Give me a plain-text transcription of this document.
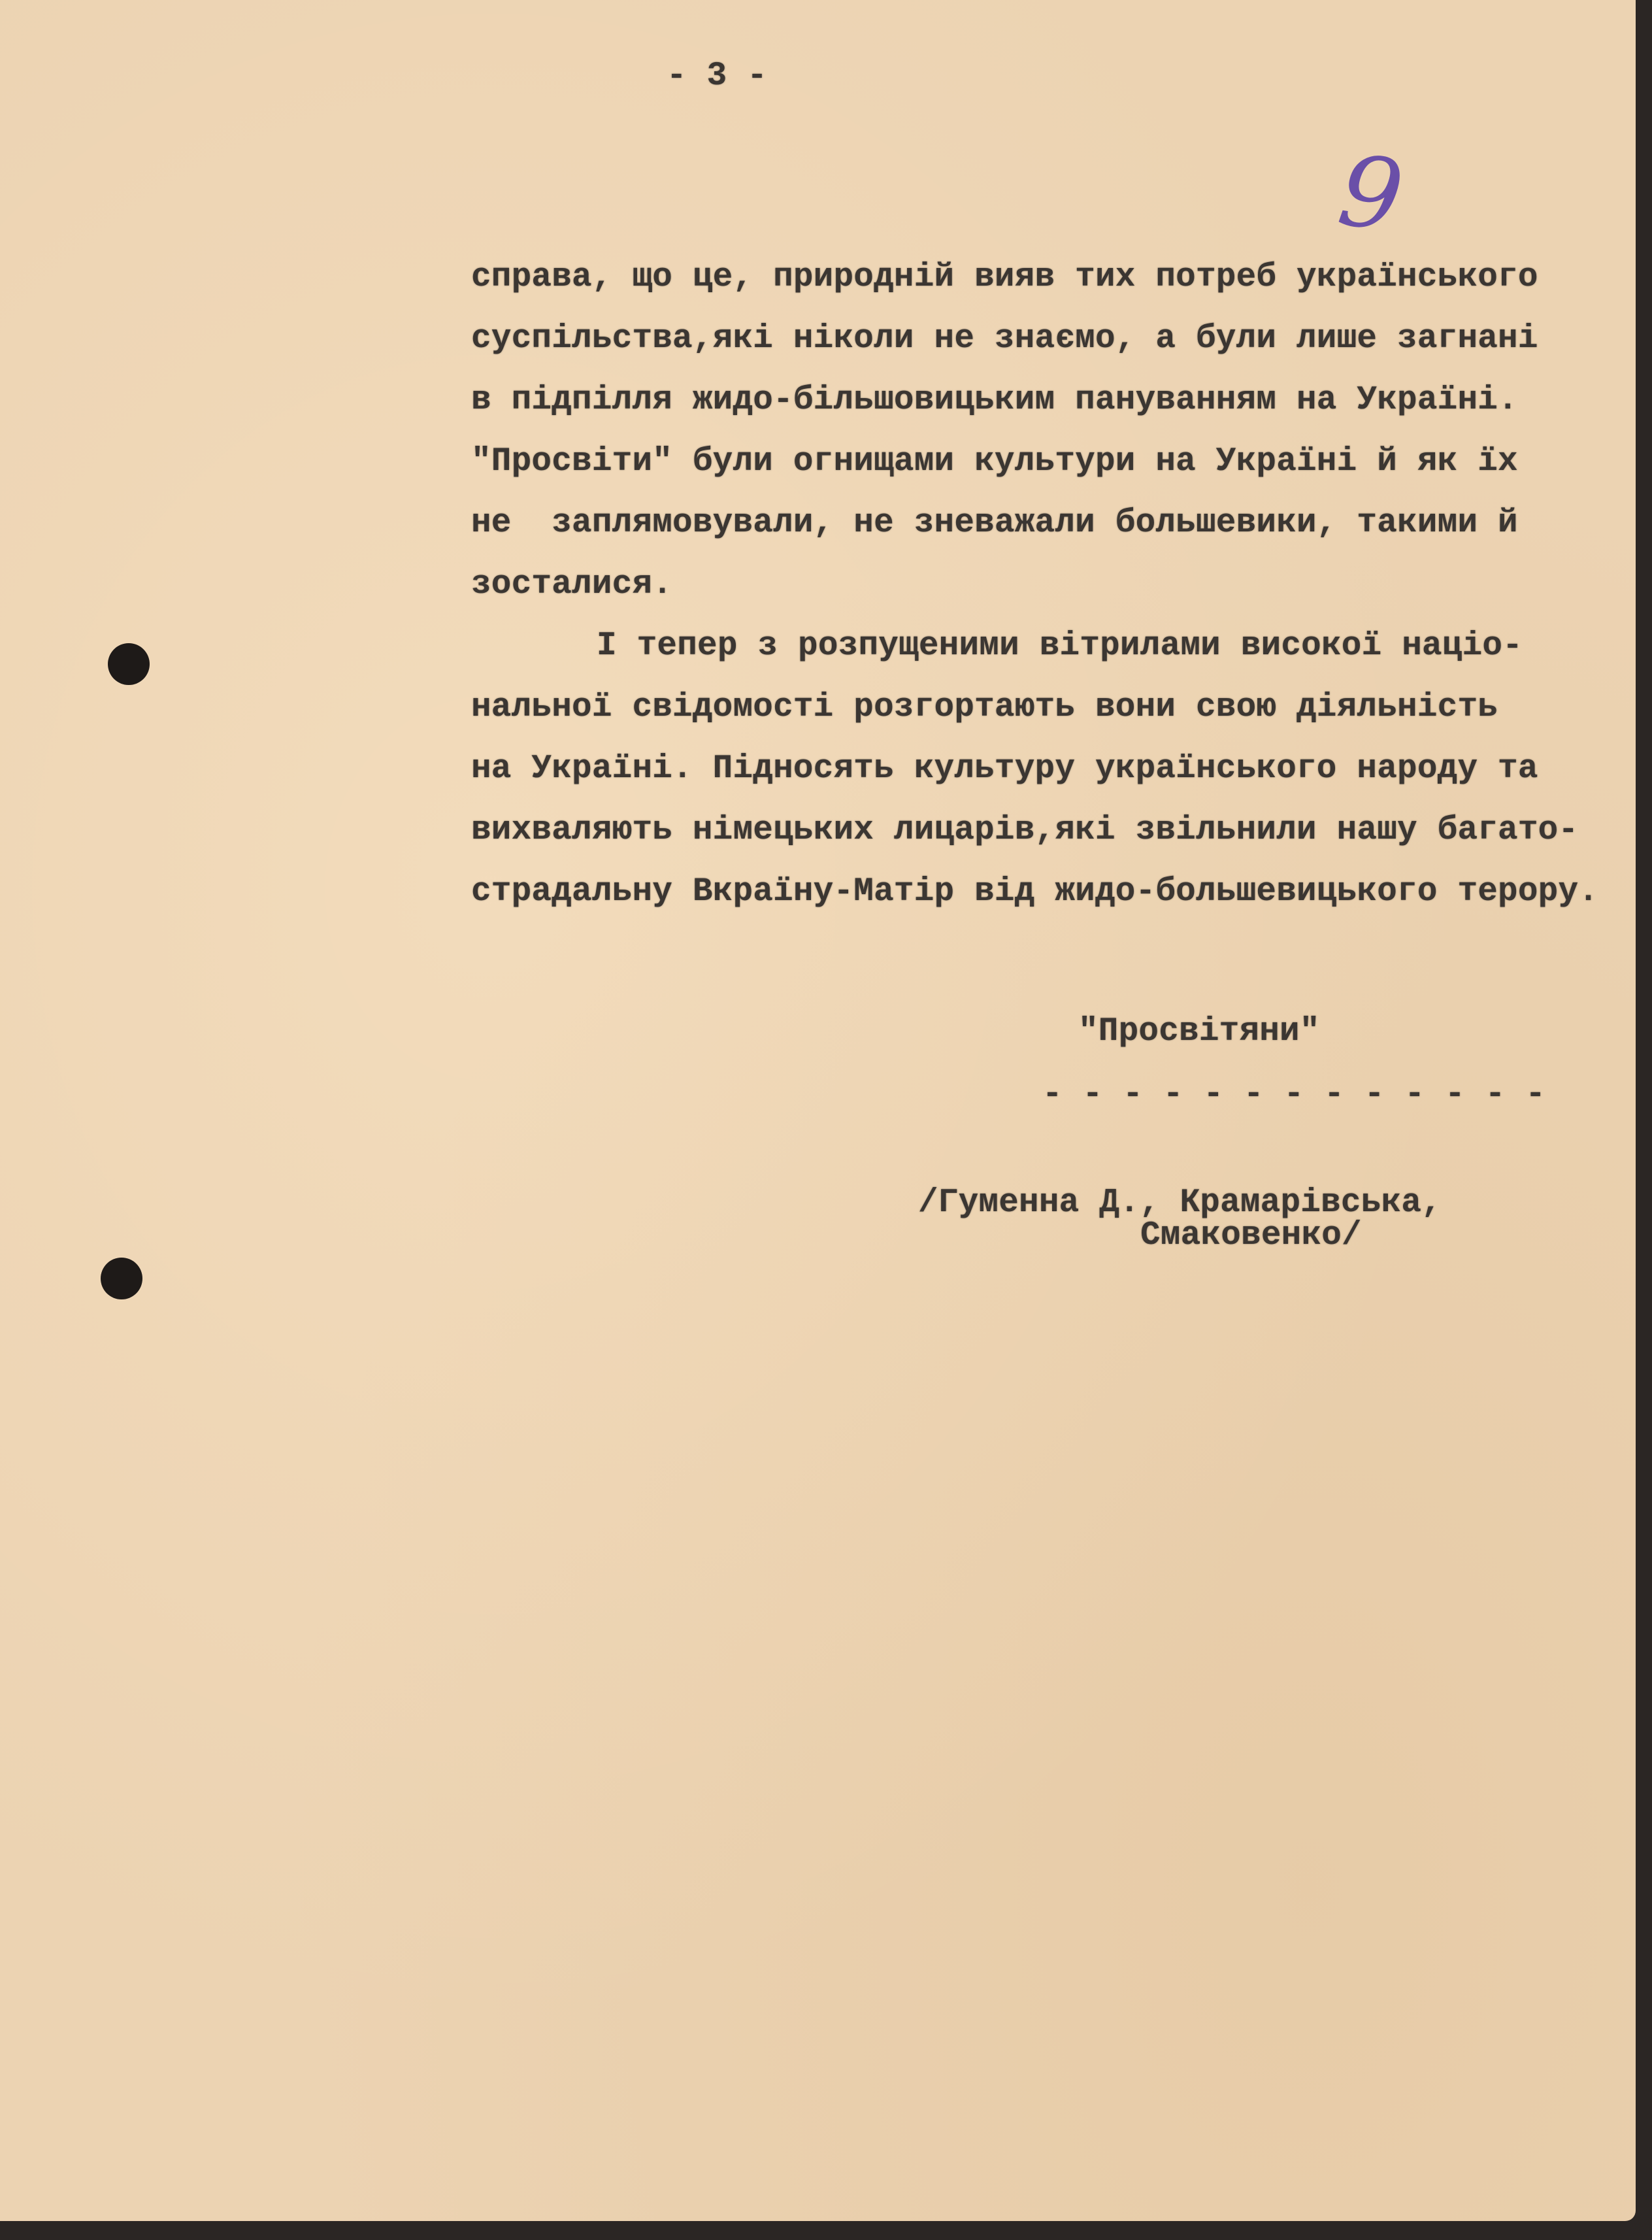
- 3 -
9
справа, що це, природній вияв тих потреб українського
суспільства,які ніколи не знаємо, а були лише загнані
в підпілля жидо-більшовицьким пануванням на Україні.
"Просвіти" були огнищами культури на Україні й як їх
не  заплямовували, не зневажали большевики, такими й
зосталися.
І тепер з розпущеними вітрилами високої націо-
нальної свідомості розгортають вони свою діяльність
на Україні. Підносять культуру українського народу та
вихваляють німецьких лицарів,які звільнили нашу багато-
страдальну Вкраїну-Матір від жидо-большевицького терору.
"Просвітяни"
- - - - - - - - - - - - -
/Гуменна Д., Крамарівська,
Смаковенко/
